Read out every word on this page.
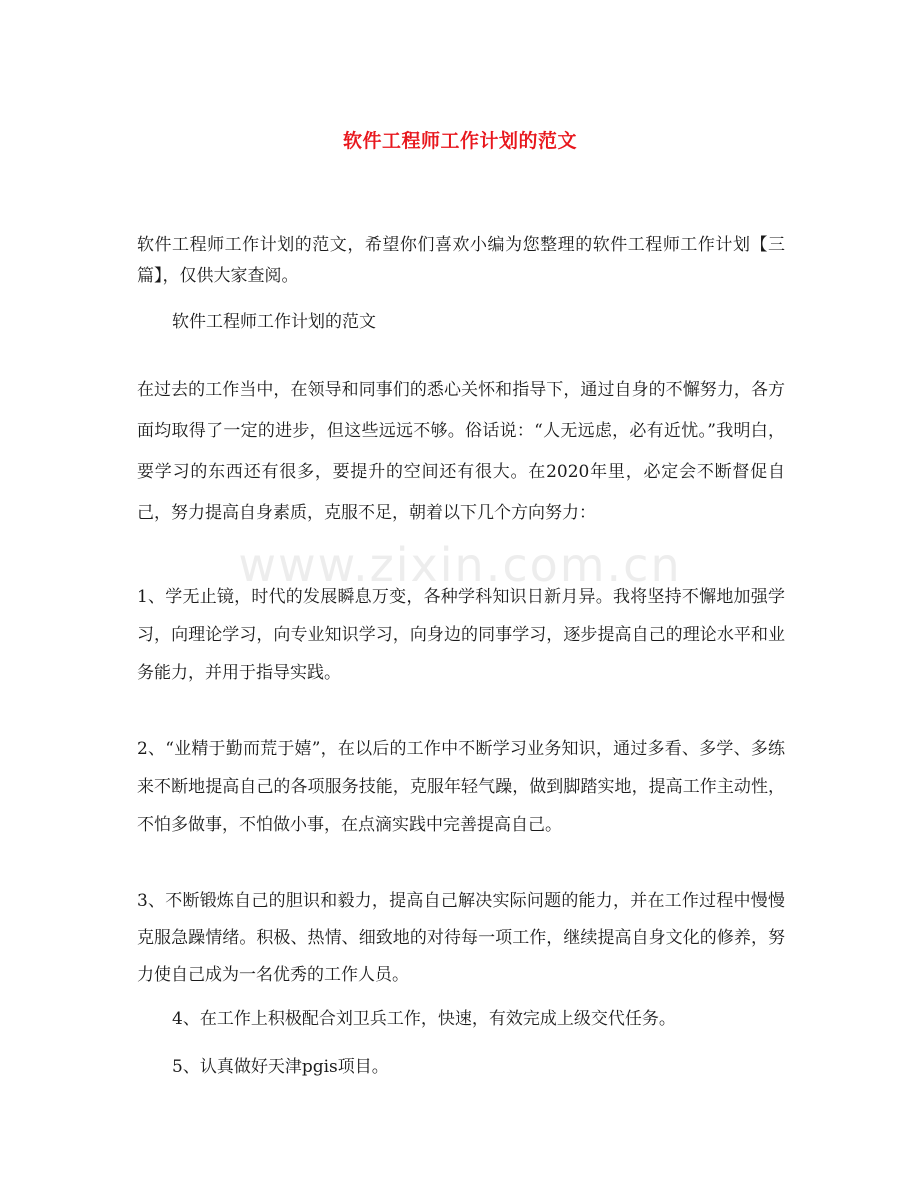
www.zixin.com.cn
软件工程师工作计划的范文

软件工程师工作计划的范文，希望你们喜欢小编为您整理的软件工程师工作计划【三篇】，仅供大家查阅。

软件工程师工作计划的范文

在过去的工作当中，在领导和同事们的悉心关怀和指导下，通过自身的不懈努力，各方面均取得了一定的进步，但这些远远不够。俗话说：“人无远虑，必有近忧。”我明白，要学习的东西还有很多，要提升的空间还有很大。在2020年里，必定会不断督促自己，努力提高自身素质，克服不足，朝着以下几个方向努力：

1、学无止镜，时代的发展瞬息万变，各种学科知识日新月异。我将坚持不懈地加强学习，向理论学习，向专业知识学习，向身边的同事学习，逐步提高自己的理论水平和业务能力，并用于指导实践。

2、“业精于勤而荒于嬉”，在以后的工作中不断学习业务知识，通过多看、多学、多练来不断地提高自己的各项服务技能，克服年轻气躁，做到脚踏实地，提高工作主动性，不怕多做事，不怕做小事，在点滴实践中完善提高自己。

3、不断锻炼自己的胆识和毅力，提高自己解决实际问题的能力，并在工作过程中慢慢克服急躁情绪。积极、热情、细致地的对待每一项工作，继续提高自身文化的修养，努力使自己成为一名优秀的工作人员。

4、在工作上积极配合刘卫兵工作，快速，有效完成上级交代任务。

5、认真做好天津pgis项目。
